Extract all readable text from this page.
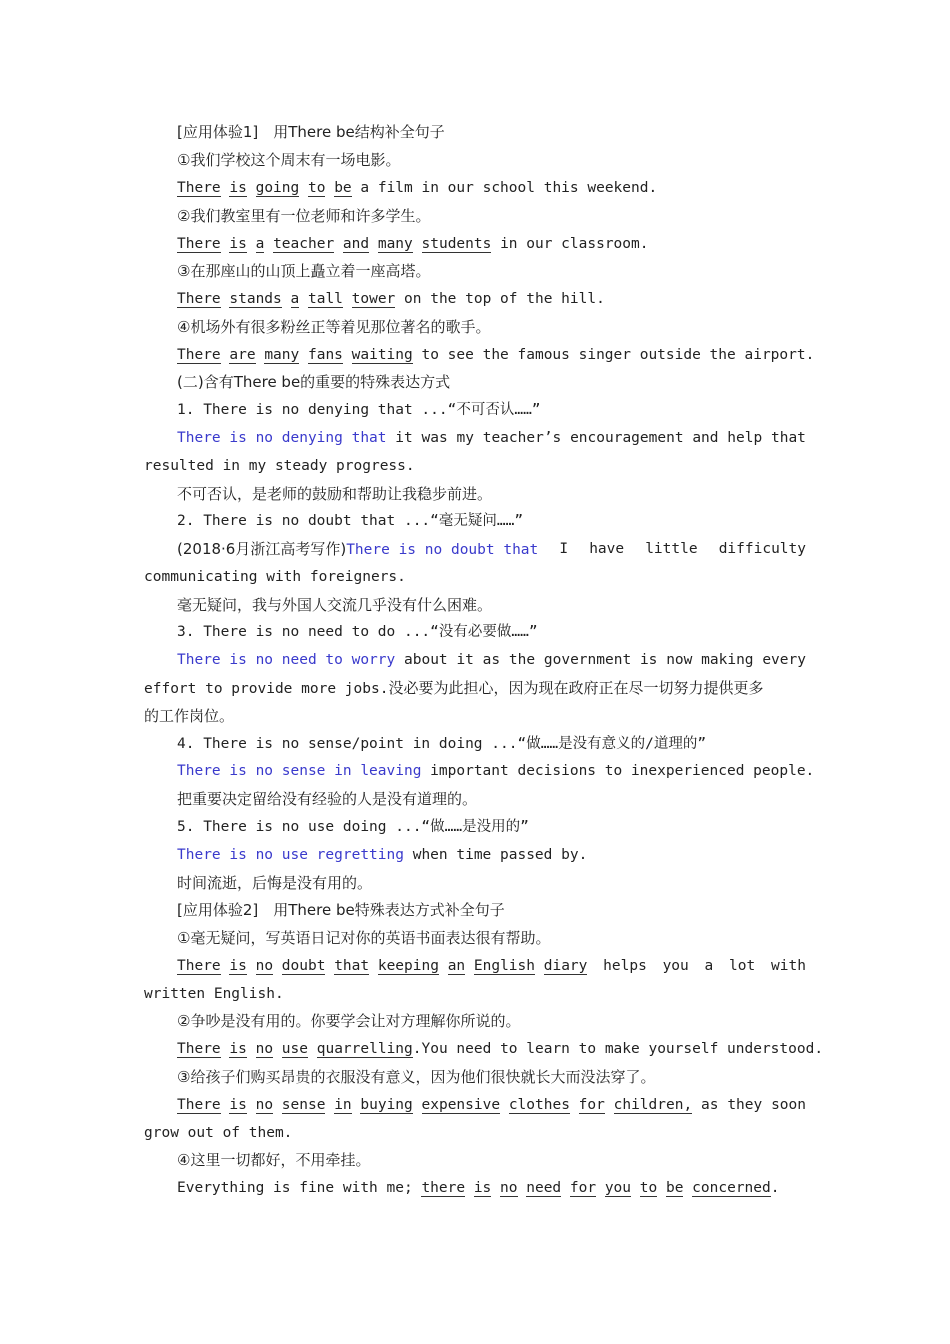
[应用体验1]　用There be结构补全句子
①我们学校这个周末有一场电影。
There is going to be a film in our school this weekend.
②我们教室里有一位老师和许多学生。
There is a teacher and many students in our classroom.
③在那座山的山顶上矗立着一座高塔。
There stands a tall tower on the top of the hill.
④机场外有很多粉丝正等着见那位著名的歌手。
There are many fans waiting to see the famous singer outside the airport.
(二)含有There be的重要的特殊表达方式
1. There is no denying that ...“不可否认……”
There is no denying that it was my teacher’s encouragement and help that
resulted in my steady progress.
不可否认，是老师的鼓励和帮助让我稳步前进。
2. There is no doubt that ...“毫无疑问……”
(2018·6月浙江高考写作)There is no doubt that I have little difficulty
communicating with foreigners.
毫无疑问，我与外国人交流几乎没有什么困难。
3. There is no need to do ...“没有必要做……”
There is no need to worry about it as the government is now making every
effort to provide more jobs.没必要为此担心，因为现在政府正在尽一切努力提供更多
的工作岗位。
4. There is no sense/point in doing ...“做……是没有意义的/道理的”
There is no sense in leaving important decisions to inexperienced people.
把重要决定留给没有经验的人是没有道理的。
5. There is no use doing ...“做……是没用的”
There is no use regretting when time passed by.
时间流逝，后悔是没有用的。
[应用体验2]　用There be特殊表达方式补全句子
①毫无疑问，写英语日记对你的英语书面表达很有帮助。
There is no doubt that keeping an English diary helps you a lot with
written English.
②争吵是没有用的。你要学会让对方理解你所说的。
There is no use quarrelling.You need to learn to make yourself understood.
③给孩子们购买昂贵的衣服没有意义，因为他们很快就长大而没法穿了。
There is no sense in buying expensive clothes for children, as they soon
grow out of them.
④这里一切都好，不用牵挂。
Everything is fine with me; there is no need for you to be concerned.
